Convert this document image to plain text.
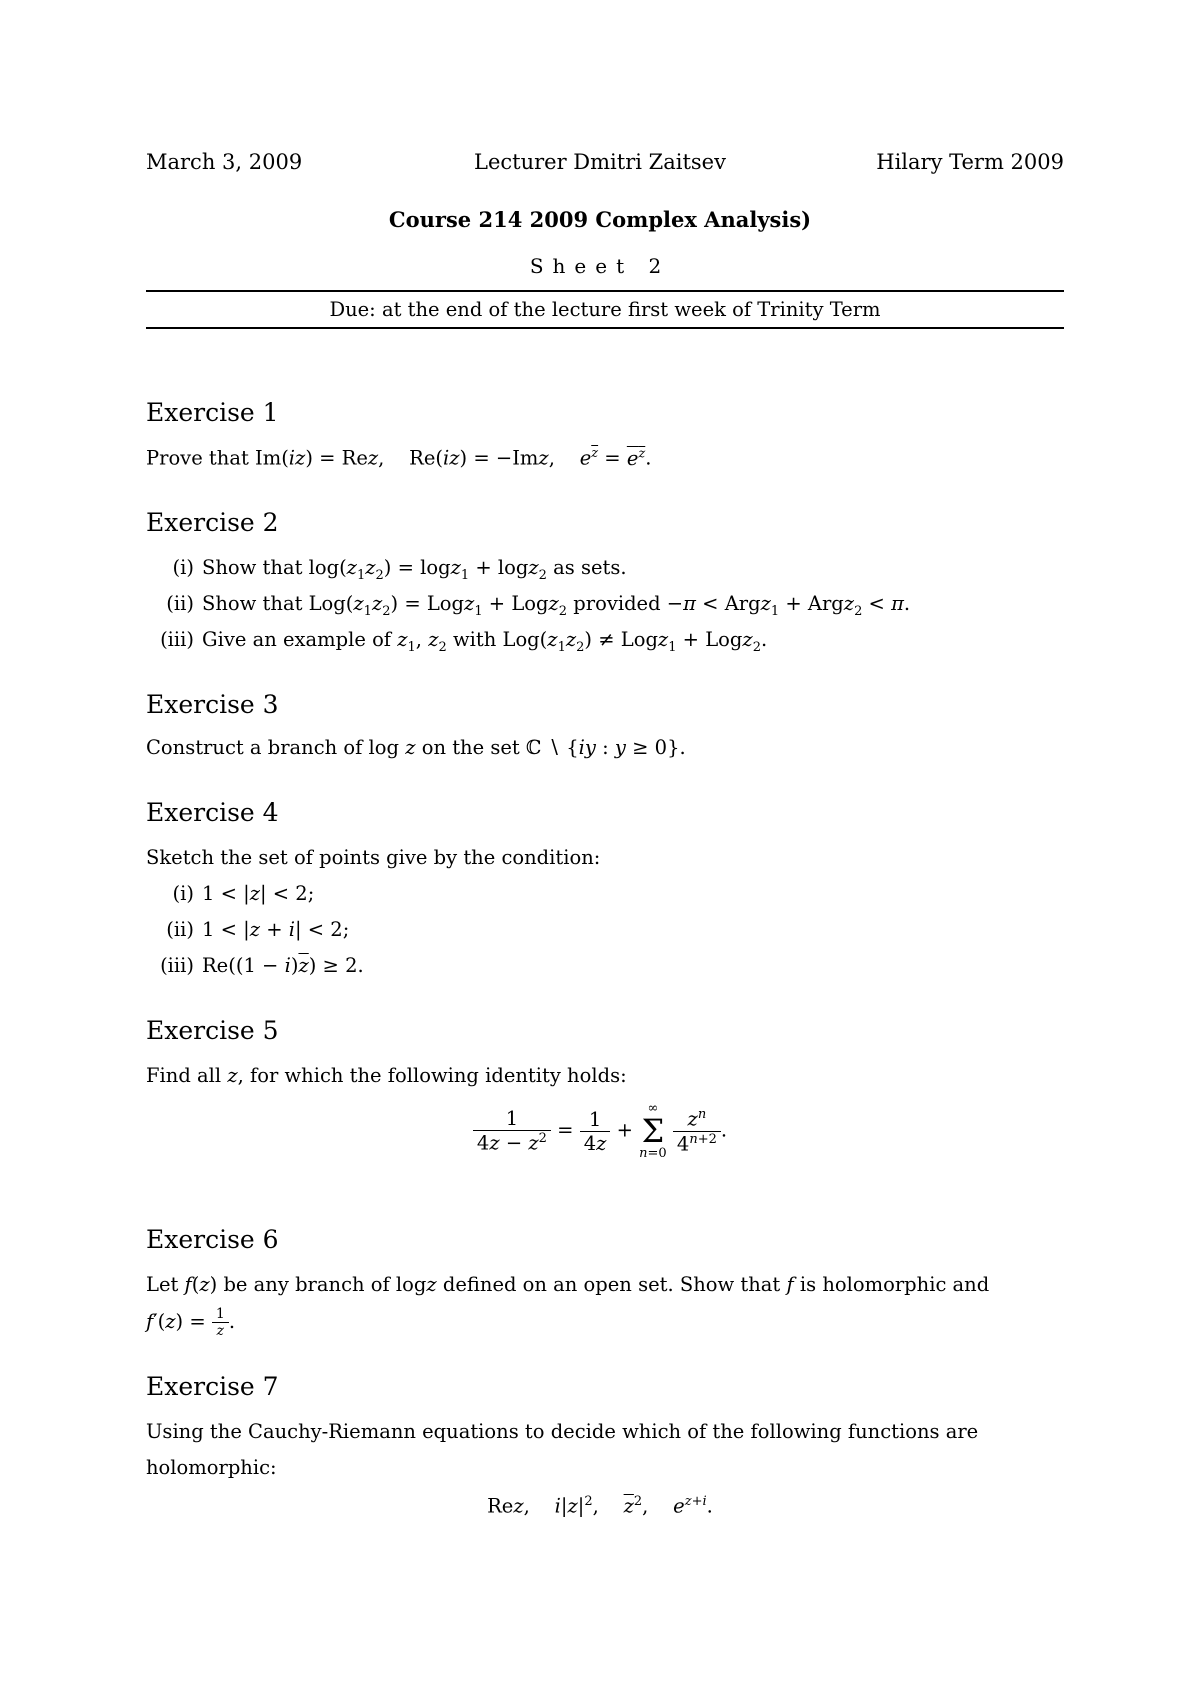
March 3, 2009	Lecturer Dmitri Zaitsev	Hilary Term 2009
Course 214 2009 Complex Analysis)
Sheet 2
Due: at the end of the lecture first week of Trinity Term
Exercise 1
Prove that Im(iz) = Rez,    Re(iz) = −Imz,    $e^{\overline{z}} = e^z$.
Exercise 2
(i) Show that $\log(z_1z_2) = \log z_1 + \log z_2$ as sets.
(ii) Show that $Log(z_1z_2)$ = Logz$_1$ + Logz$_2$ provided −π < Argz$_1$ + Argz$_2$ < π.
(iii) Give an example of $z_1$, $z_2$ with $Log(z_1z_2)$ ≠ Logz$_1$ + Logz$_2$.
Exercise 3
Construct a branch of log z on the set ℂ ∖ {iy : y ≥ 0}.
Exercise 4
Sketch the set of points give by the condition:
(i) 1 < |z| < 2;
(ii) 1 < |z + i| < 2;
(iii) $Re((1 - i)\overline{z}) \ge 2$.
Exercise 5
Find all z, for which the following identity holds:
$\frac{1}{4z - z^2} = \frac{1}{4z}$ +
∞
Σ
n=0
$\frac{z^n}{4^{n+2}}$ .
Exercise 6
Let f(z) be any branch of logz defined on an open set. Show that f is holomorphic and
$f'(z) = \frac{1}{z}$ .
Exercise 7
Using the Cauchy-Riemann equations to decide which of the following functions are
holomorphic:
Rez,    $i|z|^2$,    $\overline{z}^2$,    $e^{z+i}$.
